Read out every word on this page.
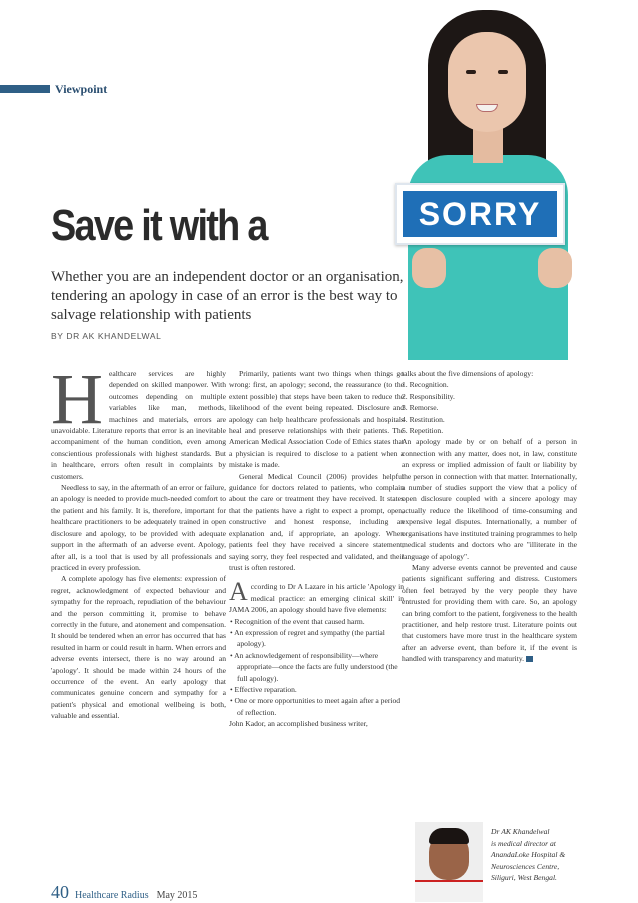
Viewpoint
SORRY
Save it with a

Whether you are an independent doctor or an organisation, tendering an apology in case of an error is the best way to salvage relationship with patients

BY DR AK KHANDELWAL

H ealthcare services are highly depended on skilled manpower. With outcomes depending on multiple variables like man, methods, machines and materials, errors are unavoidable. Literature reports that error is an inevitable accompaniment of the human condition, even among conscientious professionals with highest standards. But in healthcare, errors often result in complaints by customers.

Needless to say, in the aftermath of an error or failure, an apology is needed to provide much-needed comfort to the patient and his family. It is, therefore, important for healthcare practitioners to be adequately trained in open disclosure and apology, to be provided with adequate support in the aftermath of an adverse event. Apology, after all, is a tool that is used by all professionals and practiced in every profession.

A complete apology has five elements: expression of regret, acknowledgment of expected behaviour and sympathy for the reproach, repudiation of the behaviour and the person committing it, promise to behave correctly in the future, and atonement and compensation. It should be tendered when an error has occurred that has resulted in harm or could result in harm. When errors and adverse events intersect, there is no way around an 'apology'. It should be made within 24 hours of the occurrence of the event. An early apology that communicates genuine concern and sympathy for a patient's physical and emotional wellbeing is both, valuable and essential.

Primarily, patients want two things when things go wrong: first, an apology; second, the reassurance (to the extent possible) that steps have been taken to reduce the likelihood of the event being repeated. Disclosure and apology can help healthcare professionals and hospitals heal and preserve relationships with their patients. The American Medical Association Code of Ethics states that a physician is required to disclose to a patient when a mistake is made.

General Medical Council (2006) provides helpful guidance for doctors related to patients, who complain about the care or treatment they have received. It states that the patients have a right to expect a prompt, open, constructive and honest response, including an explanation and, if appropriate, an apology. When patients feel they have received a sincere statement, saying sorry, they feel respected and validated, and their trust is often restored.

A ccording to Dr A Lazare in his article 'Apology in medical practice: an emerging clinical skill' in JAMA 2006, an apology should have five elements:

• Recognition of the event that caused harm.
• An expression of regret and sympathy (the partial apology).
• An acknowledgement of responsibility—where appropriate—once the facts are fully understood (the full apology).
• Effective reparation.
• One or more opportunities to meet again after a period of reflection.

John Kador, an accomplished business writer,

talks about the five dimensions of apology:

1. Recognition.
2. Responsibility.
3. Remorse.
4. Restitution.
5. Repetition.

An apology made by or on behalf of a person in connection with any matter, does not, in law, constitute an express or implied admission of fault or liability by the person in connection with that matter. Internationally, a number of studies support the view that a policy of open disclosure coupled with a sincere apology may actually reduce the likelihood of time-consuming and expensive legal disputes. Internationally, a number of organisations have instituted training programmes to help medical students and doctors who are "illiterate in the language of apology".

Many adverse events cannot be prevented and cause patients significant suffering and distress. Customers often feel betrayed by the very people they have entrusted for providing them with care. So, an apology can bring comfort to the patient, forgiveness to the health practitioner, and help restore trust. Literature points out that customers have more trust in the healthcare system after an adverse event, than before it, if the event is handled with transparency and maturity.

Dr AK Khandelwal
is medical director at
AnandaLoke Hospital &
Neurosciences Centre,
Siliguri, West Bengal.
40 Healthcare Radius May 2015
